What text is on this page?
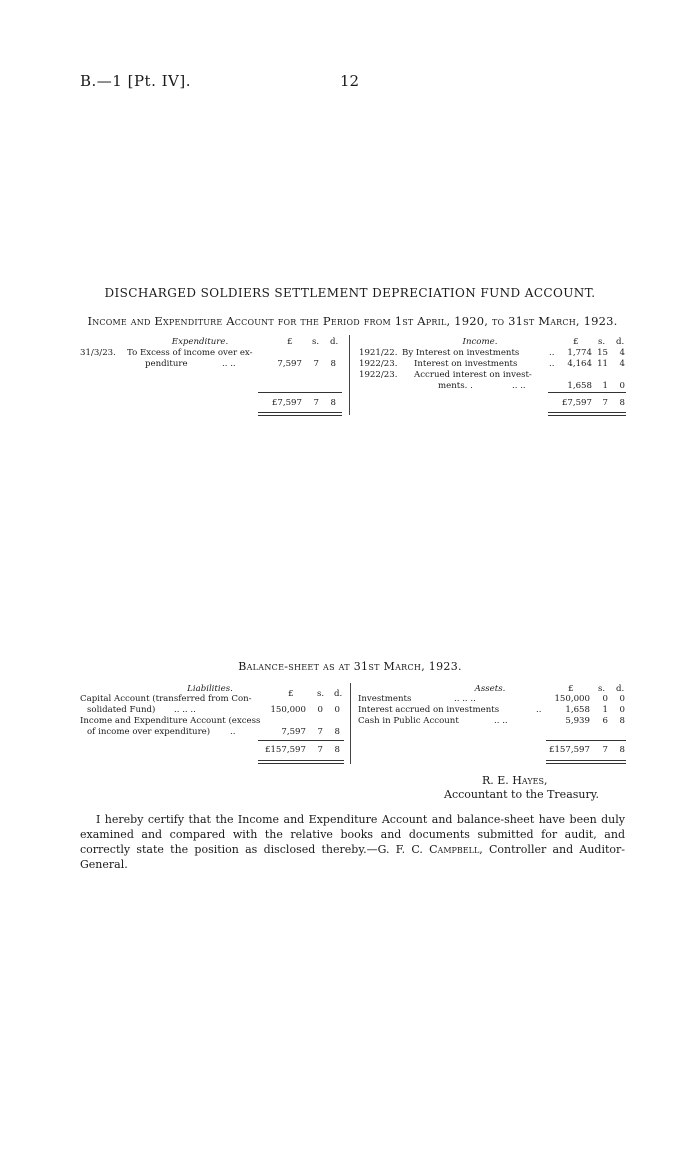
B.—1 [Pt. IV].	12
DISCHARGED SOLDIERS SETTLEMENT DEPRECIATION FUND ACCOUNT.
Income and Expenditure Account for the Period from 1st April, 1920, to 31st March, 1923.
Expenditure.	£ s. d.
31/3/23. To Excess of income over ex-
penditure	.. ..	7,597	7	8
£7,597	7	8
Income.	£ s. d.
1921/22. By Interest on investments	..	1,774 15	4
1922/23. Interest on investments	..	4,164 11	4
1922/23. Accrued interest on invest-
ments. .	.. ..	1,658	1	0
£7,597	7	8
Balance-sheet as at 31st March, 1923.
Liabilities.	£	s. d.
Capital Account (transferred from Con-
solidated Fund) .. .. ..	150,000	0	0
Income and Expenditure Account (excess
of income over expenditure) ..	7,597	7	8
£157,597	7	8
Assets.	£	s. d.
Investments	.. .. ..	150,000	0	0
Interest accrued on investments	..	1,658	1	0
Cash in Public Account	.. ..	5,939	6	8
£157,597	7	8
R. E. Hayes,
Accountant to the Treasury.
I hereby certify that the Income and Expenditure Account and balance-sheet have been duly examined and compared with the relative books and documents submitted for audit, and correctly state the position as disclosed thereby.—G. F. C. Campbell, Controller and Auditor-General.
